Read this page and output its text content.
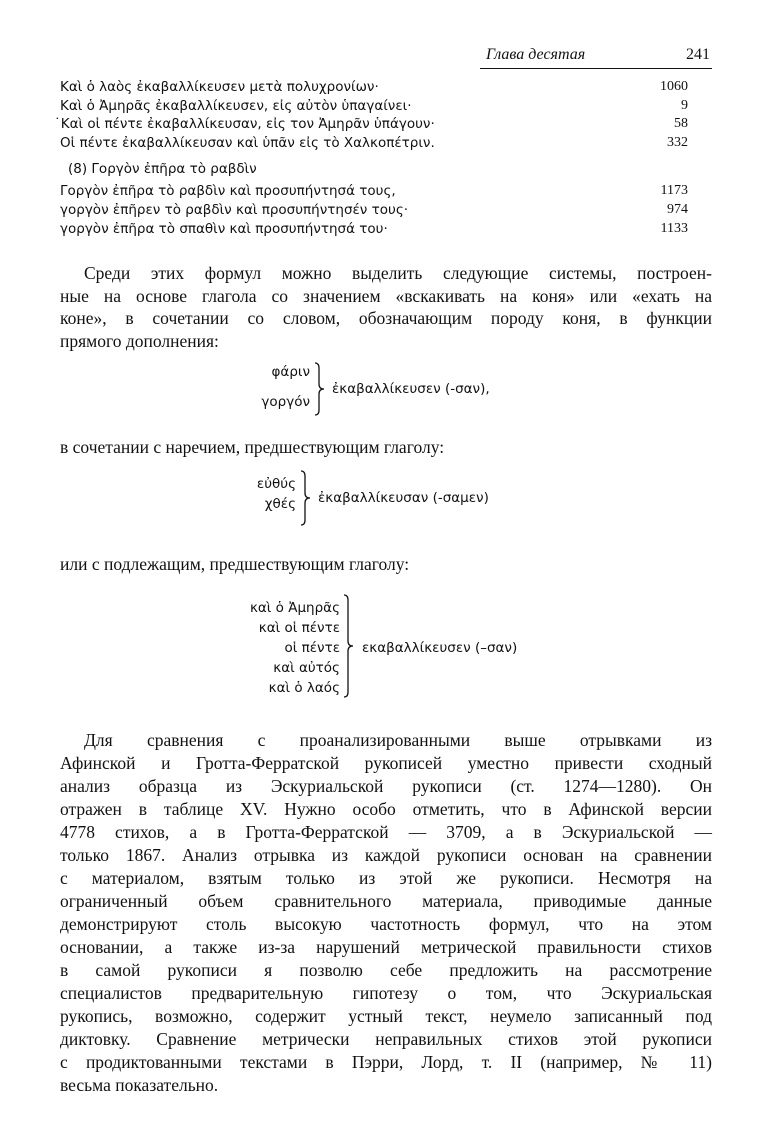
Глава десятая	241
Καὶ ὁ λαὸς ἐκαβαλλίκευσεν μετὰ πολυχρονίων·	1060
Καὶ ὁ Ἀμηρᾶς ἐκαβαλλίκευσεν, εἰς αὐτὸν ὑπαγαίνει·	9
˙Καὶ οἱ πέντε ἐκαβαλλίκευσαν, εἰς τον Ἀμηρᾶν ὑπάγουν·	58
Οἱ πέντε ἐκαβαλλίκευσαν καὶ ὑπᾶν εἰς τὸ Χαλκοπέτριν.	332
(8) Γοργὸν ἐπῆρα τὸ ραβδὶν
Γοργὸν ἐπῆρα τὸ ραβδὶν καὶ προσυπήντησά τους,	1173
γοργὸν ἐπῆρεν τὸ ραβδὶν καὶ προσυπήντησέν τους·	974
γοργὸν ἐπῆρα τὸ σπαθὶν καὶ προσυπήντησά του·	1133
Среди этих формул можно выделить следующие системы, построен-
ные на основе глагола со значением «вскакивать на коня» или «ехать на
коне», в сочетании со словом, обозначающим породу коня, в функции
прямого дополнения:
φάριν
γοργόν
ἐκαβαλλίκευσεν (-σαν),
в сочетании с наречием, предшествующим глаголу:
εὐθύς
χθές ἐκαβαλλίκευσαν (-σαμεν)
или с подлежащим, предшествующим глаголу:
καὶ ὁ Ἀμηρᾶς
καὶ οἱ πέντε
οἱ πέντε
καὶ αὐτός
καὶ ὁ λαός
εκαβαλλίκευσεν (–σαν)
Для сравнения с проанализированными выше отрывками из
Афинской и Гротта-Ферратской рукописей уместно привести сходный
анализ образца из Эскуриальской рукописи (ст. 1274—1280). Он
отражен в таблице XV. Нужно особо отметить, что в Афинской версии
4778 стихов, а в Гротта-Ферратской — 3709, а в Эскуриальской —
только 1867. Анализ отрывка из каждой рукописи основан на сравнении
с материалом, взятым только из этой же рукописи. Несмотря на
ограниченный объем сравнительного материала, приводимые данные
демонстрируют столь высокую частотность формул, что на этом
основании, а также из-за нарушений метрической правильности стихов
в самой рукописи я позволю себе предложить на рассмотрение
специалистов предварительную гипотезу о том, что Эскуриальская
рукопись, возможно, содержит устный текст, неумело записанный под
диктовку. Сравнение метрически неправильных стихов этой рукописи
с продиктованными текстами в Пэрри, Лорд, т. II (например, № 11)
весьма показательно.
